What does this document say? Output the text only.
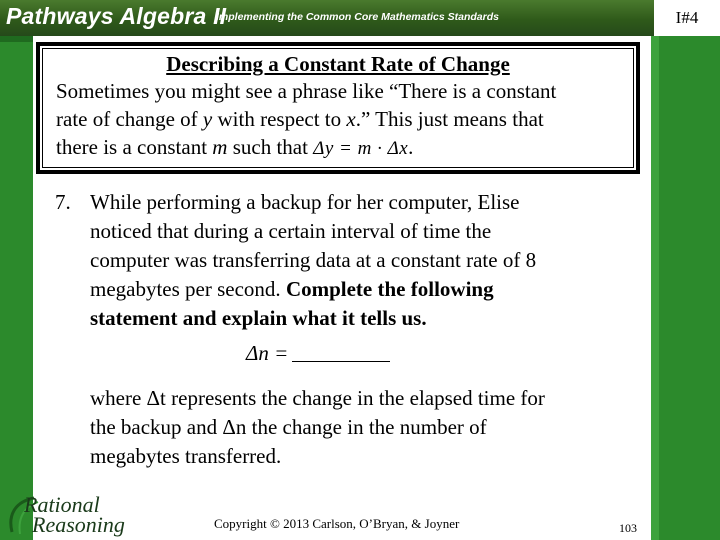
Pathways Algebra II
Implementing the Common Core Mathematics Standards	I#4
Describing a Constant Rate of Change
Sometimes you might see a phrase like “There is a constant
rate of change of y with respect to x.” This just means that
there is a constant m such that Δy = m · Δx.
7. While performing a backup for her computer, Elise
noticed that during a certain interval of time the
computer was transferring data at a constant rate of 8
megabytes per second. Complete the following
statement and explain what it tells us.
Δn =
where Δt represents the change in the elapsed time for
the backup and Δn the change in the number of
megabytes transferred.
Rational
Reasoning	Copyright © 2013 Carlson, O’Bryan, & Joyner	103
